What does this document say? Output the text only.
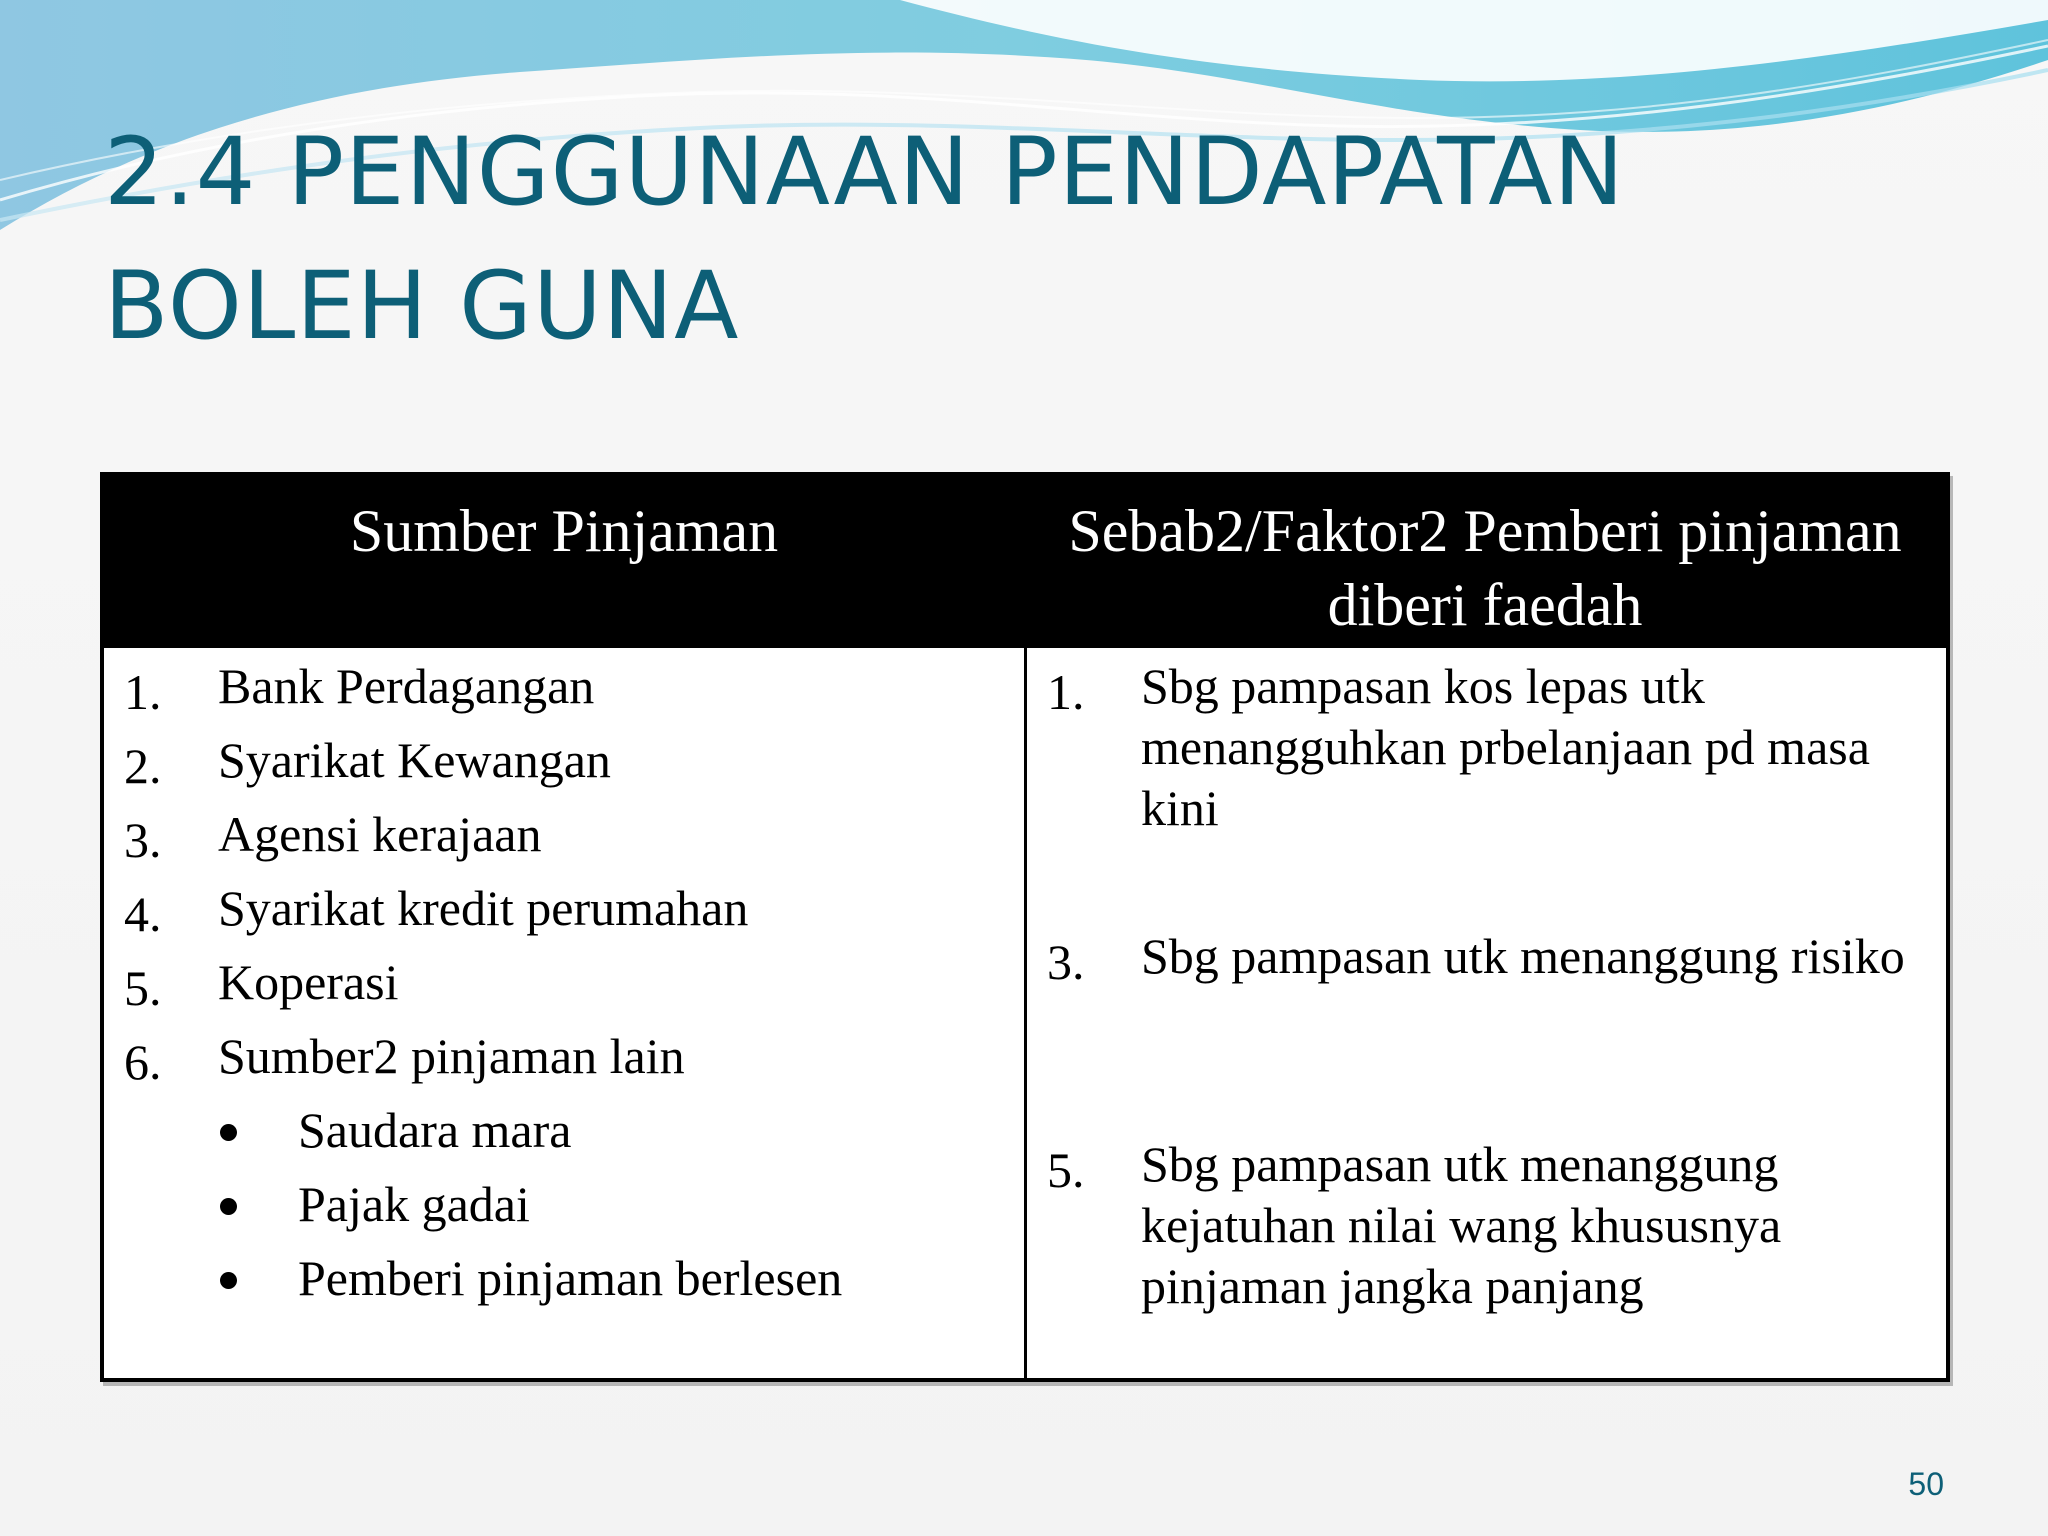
2.4 PENGGUNAAN PENDAPATAN BOLEH GUNA
Sumber Pinjaman	Sebab2/Faktor2 Pemberi pinjaman diberi faedah
1. Bank Perdagangan
2. Syarikat Kewangan
3. Agensi kerajaan
4. Syarikat kredit perumahan
5. Koperasi
6. Sumber2 pinjaman lain
Saudara mara
Pajak gadai
Pemberi pinjaman berlesen
1. Sbg pampasan kos lepas utk menangguhkan prbelanjaan pd masa kini
3. Sbg pampasan utk menanggung risiko
5. Sbg pampasan utk menanggung kejatuhan nilai wang khususnya pinjaman jangka panjang
50
